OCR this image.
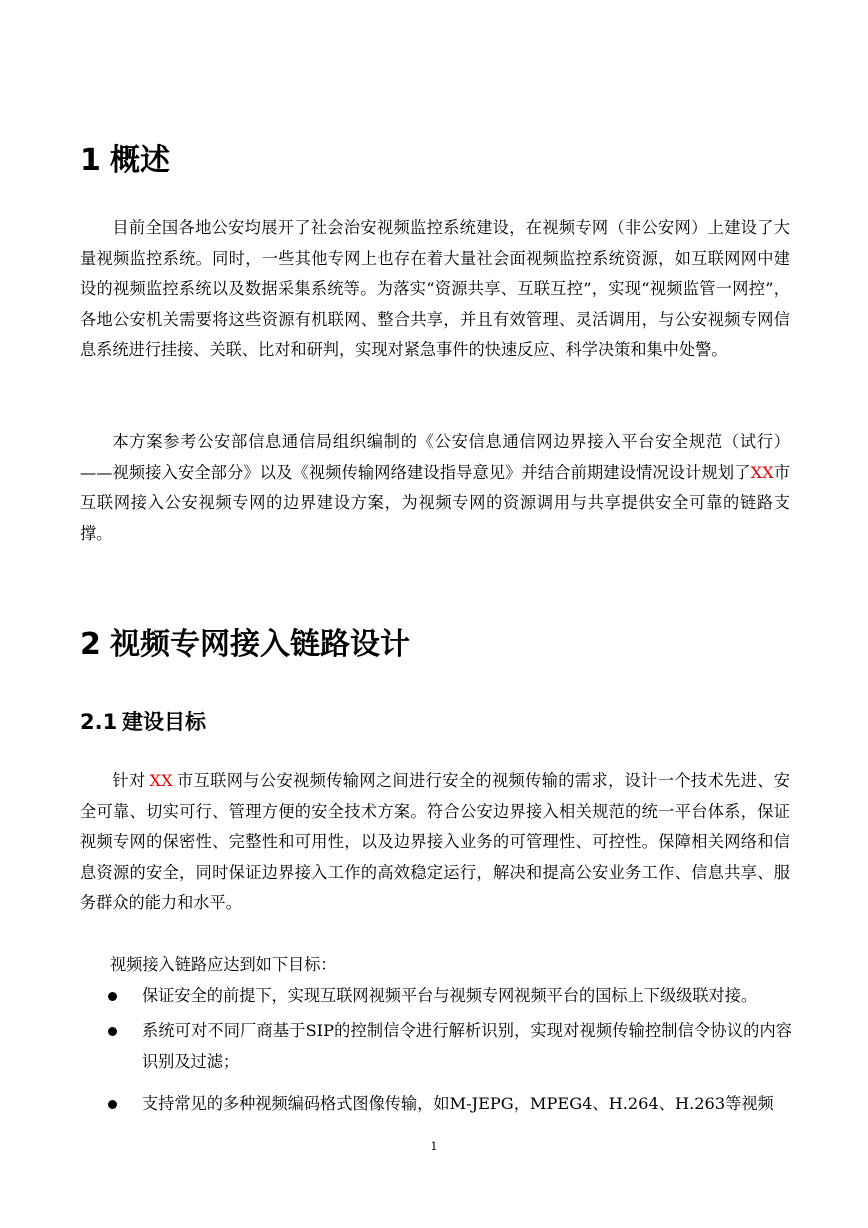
1 概述

目前全国各地公安均展开了社会治安视频监控系统建设，在视频专网（非公安网）上建设了大量视频监控系统。同时，一些其他专网上也存在着大量社会面视频监控系统资源，如互联网网中建设的视频监控系统以及数据采集系统等。为落实“资源共享、互联互控”，实现“视频监管一网控”，各地公安机关需要将这些资源有机联网、整合共享，并且有效管理、灵活调用，与公安视频专网信息系统进行挂接、关联、比对和研判，实现对紧急事件的快速反应、科学决策和集中处警。

本方案参考公安部信息通信局组织编制的《公安信息通信网边界接入平台安全规范（试行）——视频接入安全部分》以及《视频传输网络建设指导意见》并结合前期建设情况设计规划了XX市互联网接入公安视频专网的边界建设方案，为视频专网的资源调用与共享提供安全可靠的链路支撑。

2 视频专网接入链路设计
2.1 建设目标

针对 XX 市互联网与公安视频传输网之间进行安全的视频传输的需求，设计一个技术先进、安全可靠、切实可行、管理方便的安全技术方案。符合公安边界接入相关规范的统一平台体系，保证视频专网的保密性、完整性和可用性，以及边界接入业务的可管理性、可控性。保障相关网络和信息资源的安全，同时保证边界接入工作的高效稳定运行，解决和提高公安业务工作、信息共享、服务群众的能力和水平。

视频接入链路应达到如下目标：

保证安全的前提下，实现互联网视频平台与视频专网视频平台的国标上下级级联对接。
系统可对不同厂商基于SIP的控制信令进行解析识别，实现对视频传输控制信令协议的内容识别及过滤；
支持常见的多种视频编码格式图像传输，如M-JEPG，MPEG4、H.264、H.263等视频
1
